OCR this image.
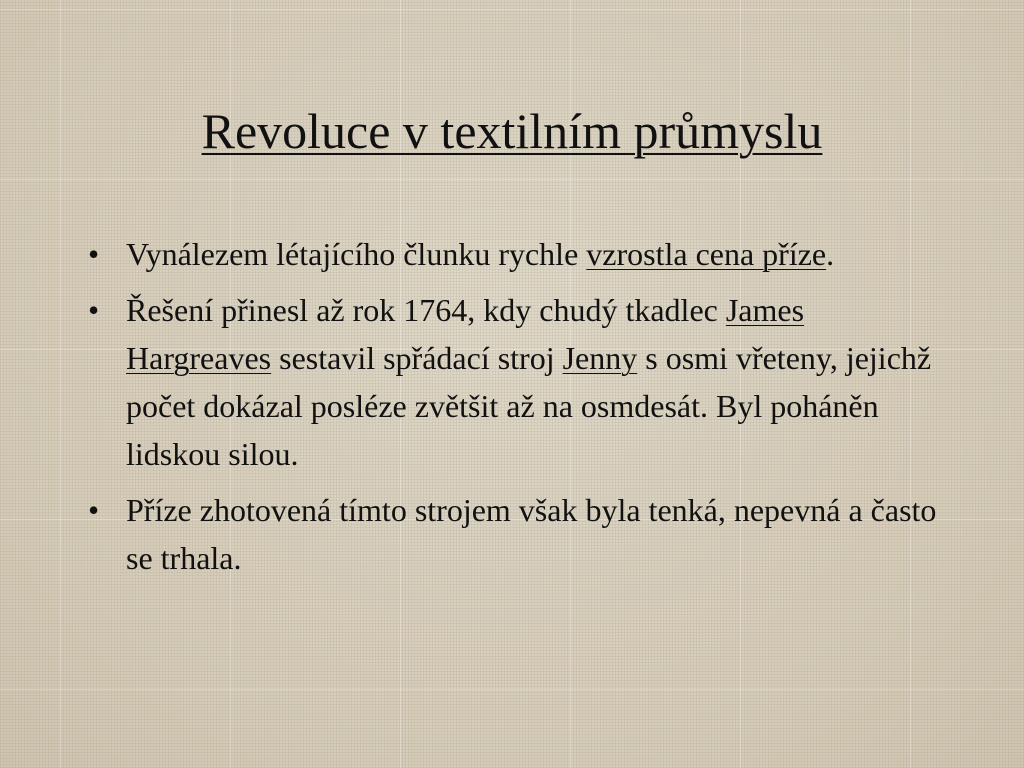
Revoluce v textilním průmyslu
• Vynálezem létajícího člunku rychle vzrostla cena příze.
• Řešení přinesl až rok 1764, kdy chudý tkadlec James Hargreaves sestavil spřádací stroj Jenny s osmi vřeteny, jejichž počet dokázal posléze zvětšit až na osmdesát. Byl poháněn lidskou silou.
• Příze zhotovená tímto strojem však byla tenká, nepevná a často se trhala.
